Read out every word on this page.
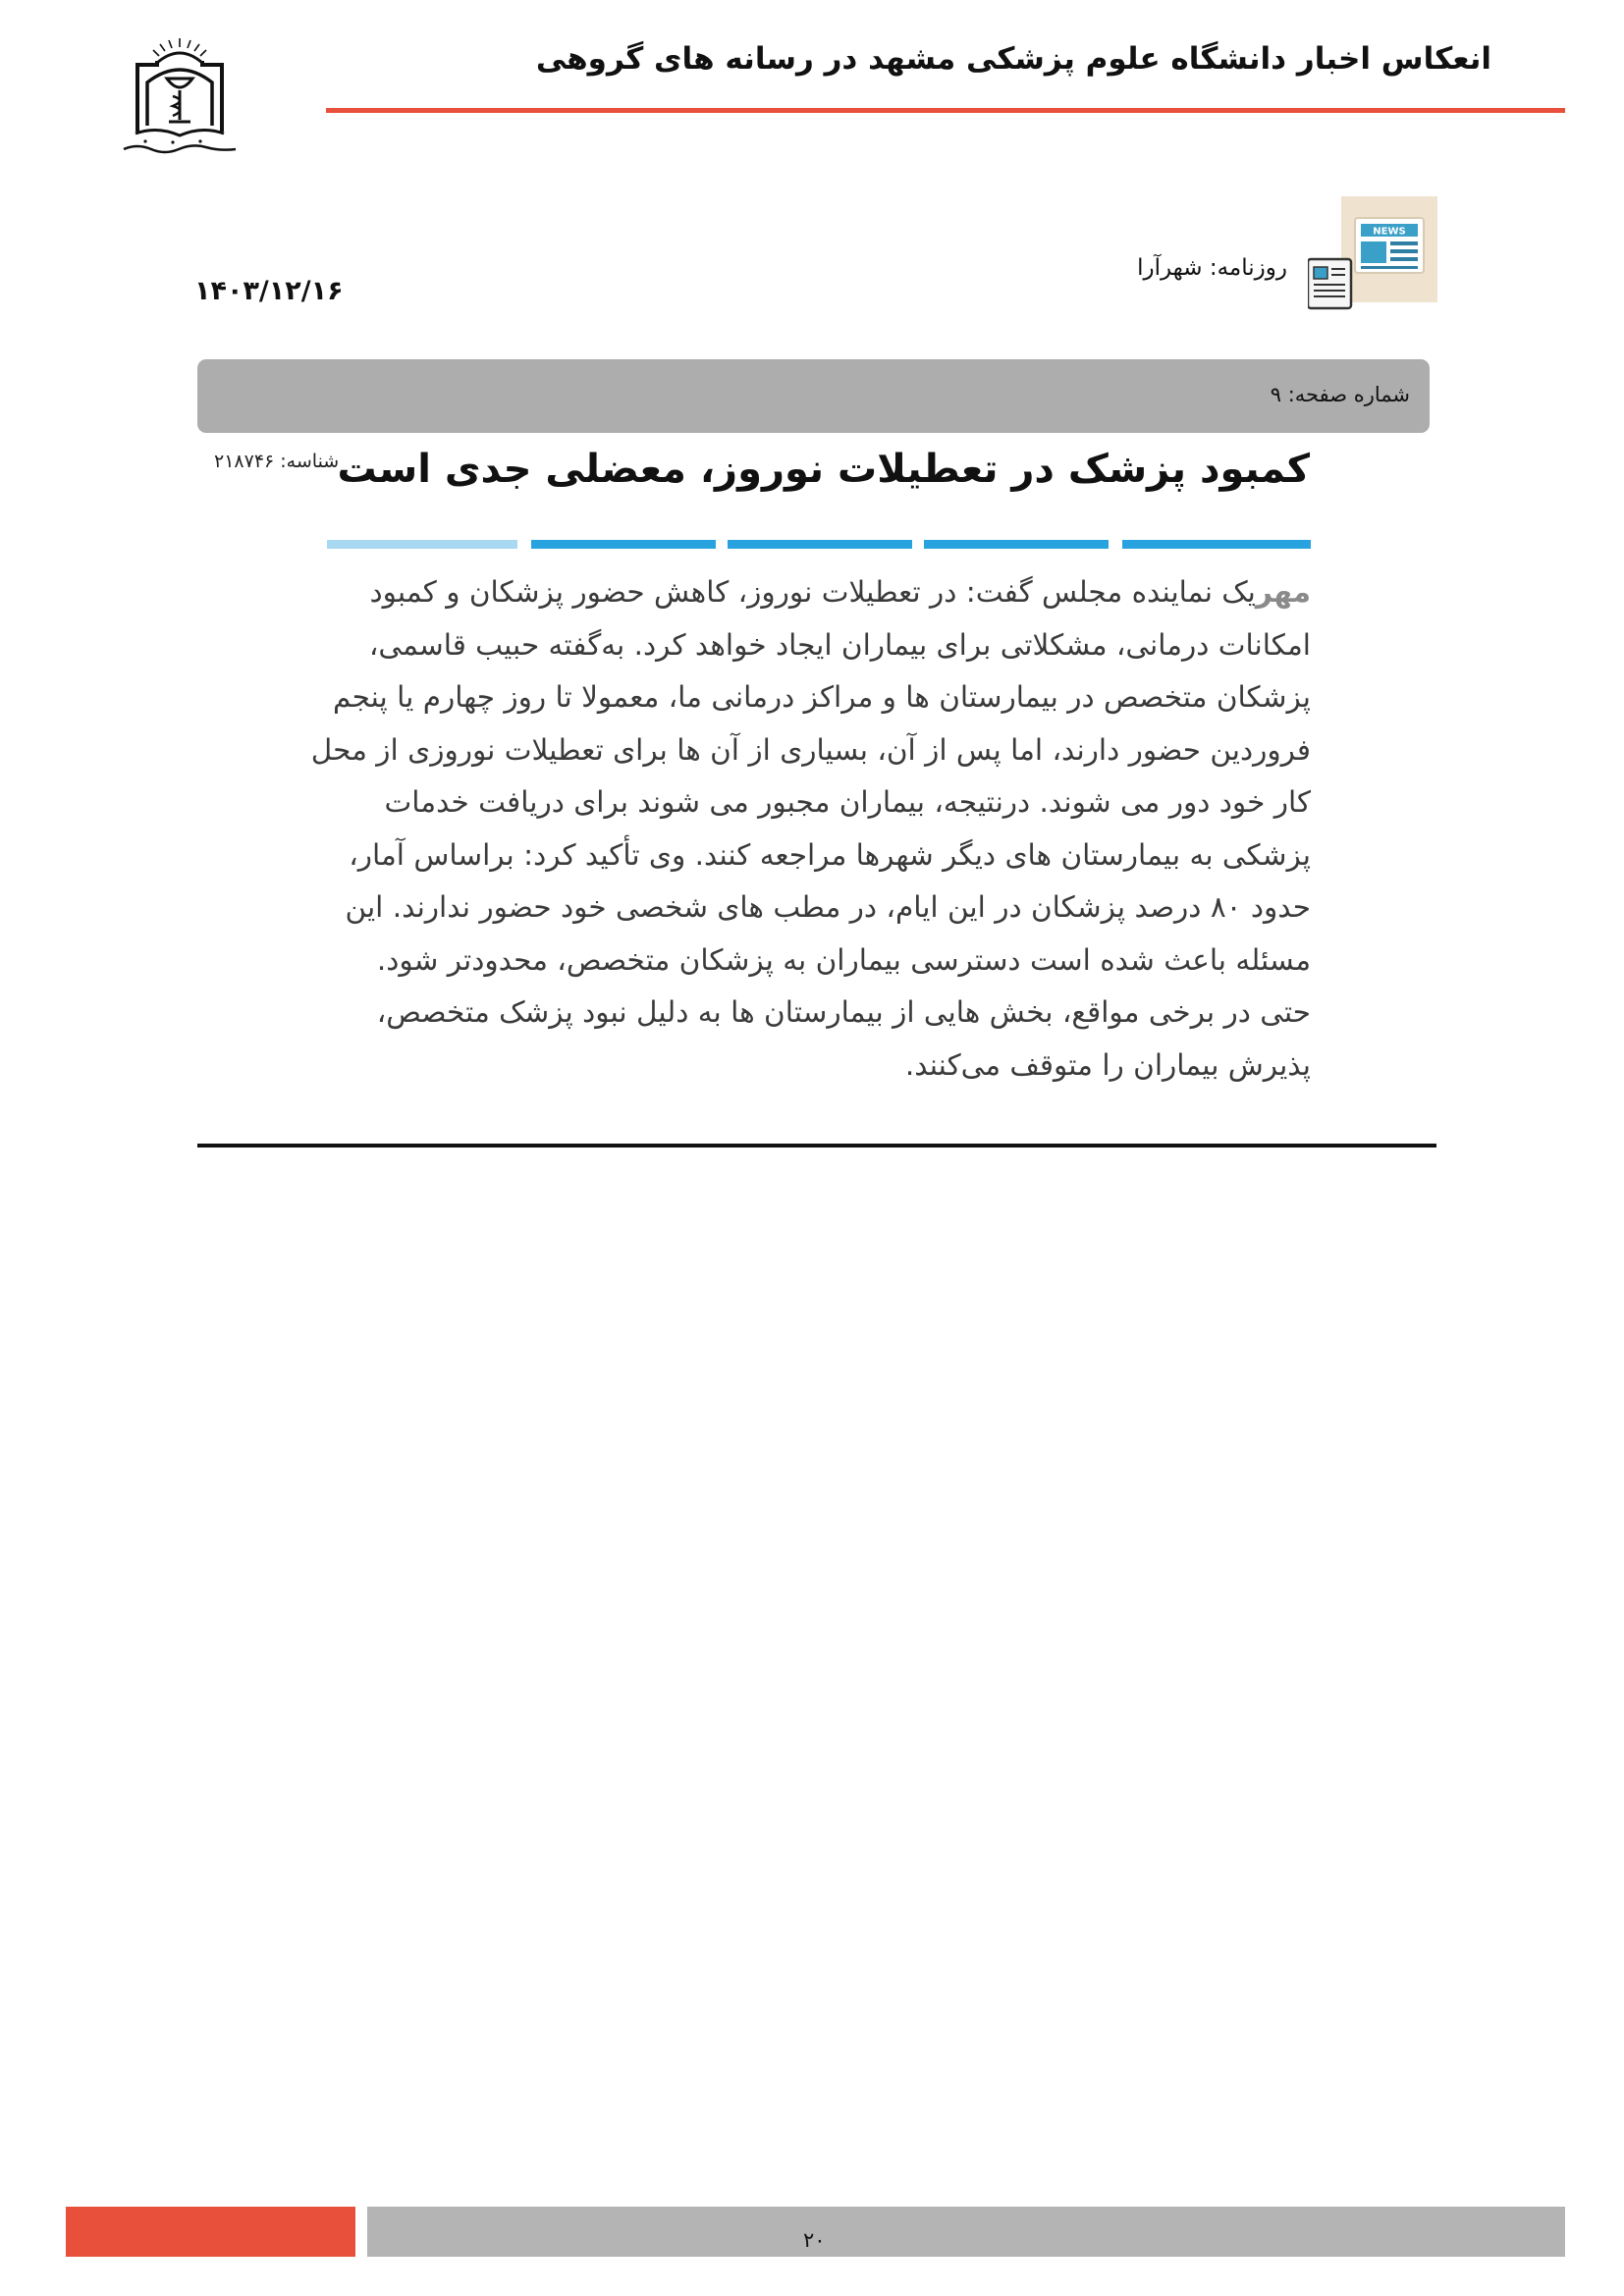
انعکاس اخبار دانشگاه علوم پزشکی مشهد در رسانه های گروهی
NEWS
روزنامه: شهرآرا
۱۴۰۳/۱۲/۱۶
شماره صفحه: ۹
شناسه: ۲۱۸۷۴۶
کمبود پزشک در تعطیلات نوروز، معضلی جدی است
مهریک نماینده مجلس گفت: در تعطیلات نوروز، کاهش حضور پزشکان و کمبود
امکانات درمانی، مشکلاتی برای بیماران ایجاد خواهد کرد. به‌گفته حبیب قاسمی،
پزشکان متخصص در بیمارستان ها و مراکز درمانی ما، معمولا تا روز چهارم یا پنجم
فروردین حضور دارند، اما پس از آن، بسیاری از آن ها برای تعطیلات نوروزی از محل
کار خود دور می شوند. درنتیجه، بیماران مجبور می شوند برای دریافت خدمات
پزشکی به بیمارستان های دیگر شهرها مراجعه کنند. وی تأکید کرد: براساس آمار،
حدود ۸۰ درصد پزشکان در این ایام، در مطب های شخصی خود حضور ندارند. این
مسئله باعث شده است دسترسی بیماران به پزشکان متخصص، محدودتر شود.
حتی در برخی مواقع، بخش هایی از بیمارستان ها به دلیل نبود پزشک متخصص،
پذیرش بیماران را متوقف می‌کنند.
۲۰
